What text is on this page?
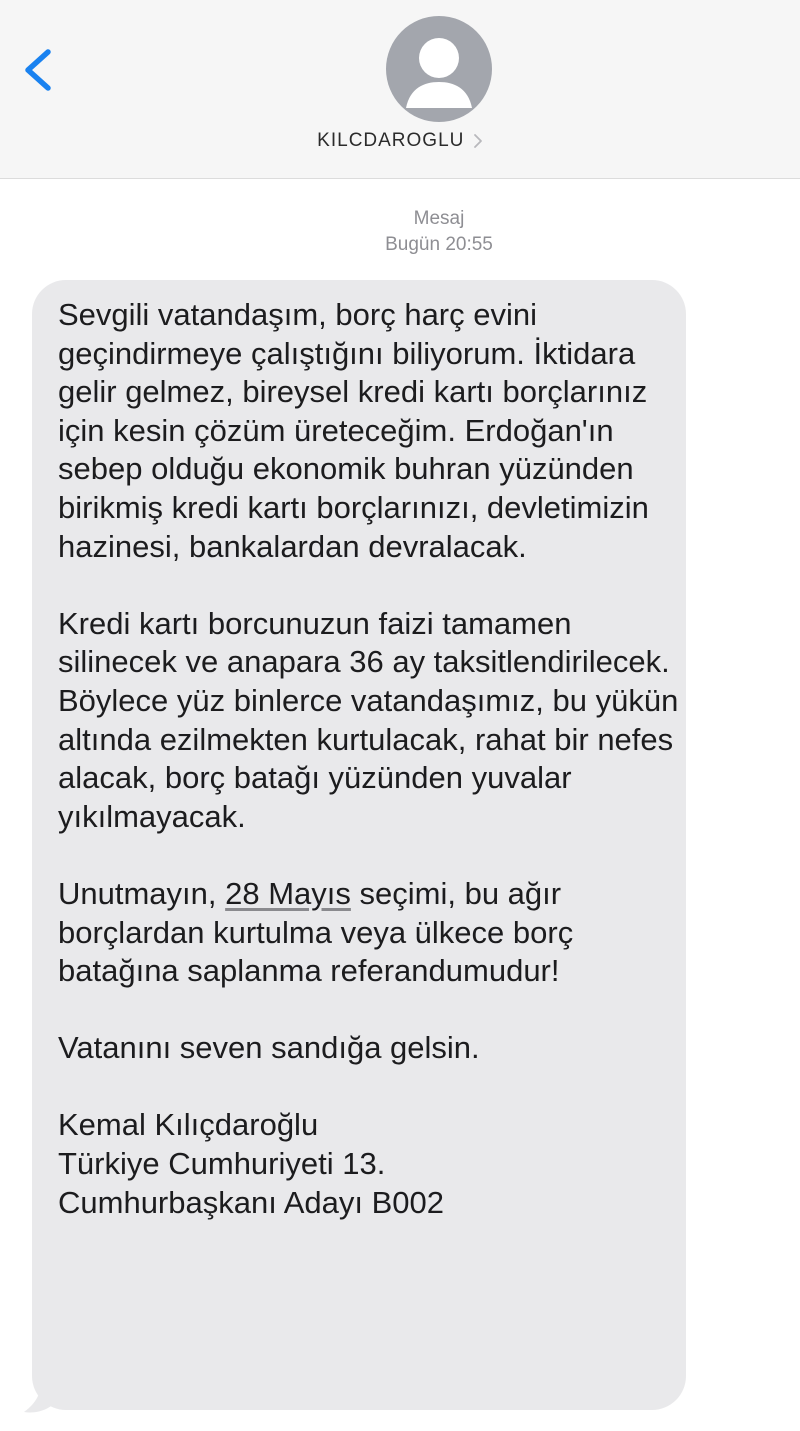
KILCDAROGLU
Mesaj
Bugün 20:55

Sevgili vatandaşım, borç harç evini geçindirmeye çalıştığını biliyorum. İktidara gelir gelmez, bireysel kredi kartı borçlarınız için kesin çözüm üreteceğim. Erdoğan'ın sebep olduğu ekonomik buhran yüzünden birikmiş kredi kartı borçlarınızı, devletimizin hazinesi, bankalardan devralacak.

Kredi kartı borcunuzun faizi tamamen silinecek ve anapara 36 ay taksitlendirilecek. Böylece yüz binlerce vatandaşımız, bu yükün altında ezilmekten kurtulacak, rahat bir nefes alacak, borç batağı yüzünden yuvalar yıkılmayacak.

Unutmayın, 28 Mayıs seçimi, bu ağır borçlardan kurtulma veya ülkece borç batağına saplanma referandumudur!

Vatanını seven sandığa gelsin.

Kemal Kılıçdaroğlu
Türkiye Cumhuriyeti 13.
Cumhurbaşkanı Adayı B002
